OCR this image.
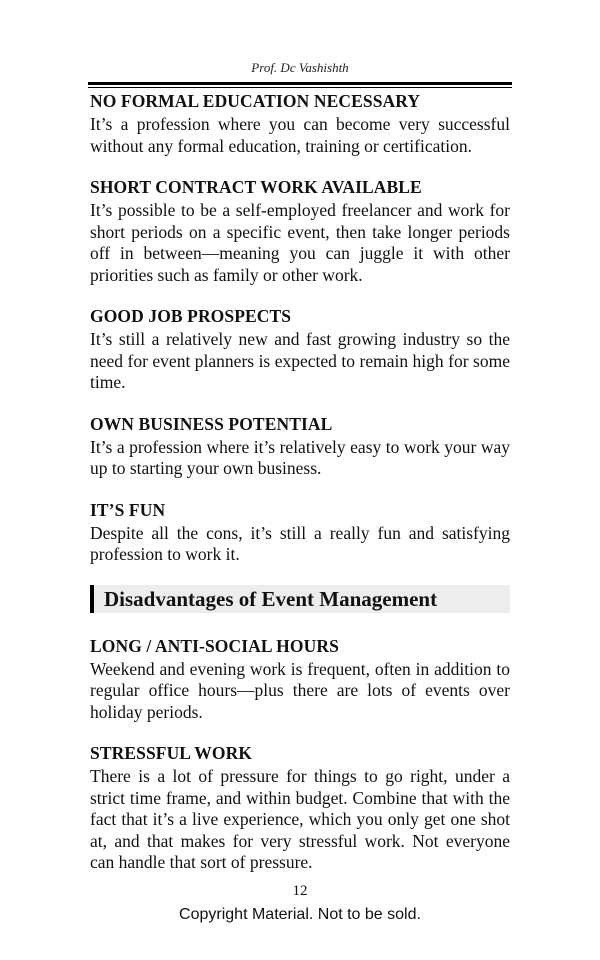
Prof. Dc Vashishth
NO FORMAL EDUCATION NECESSARY

It’s a profession where you can become very successful without any formal education, training or certification.

SHORT CONTRACT WORK AVAILABLE

It’s possible to be a self-employed freelancer and work for short periods on a specific event, then take longer periods off in between—meaning you can juggle it with other priorities such as family or other work.

GOOD JOB PROSPECTS

It’s still a relatively new and fast growing industry so the need for event planners is expected to remain high for some time.

OWN BUSINESS POTENTIAL

It’s a profession where it’s relatively easy to work your way up to starting your own business.

IT’S FUN

Despite all the cons, it’s still a really fun and satisfying profession to work it.

Disadvantages of Event Management
LONG / ANTI-SOCIAL HOURS

Weekend and evening work is frequent, often in addition to regular office hours—plus there are lots of events over holiday periods.

STRESSFUL WORK

There is a lot of pressure for things to go right, under a strict time frame, and within budget. Combine that with the fact that it’s a live experience, which you only get one shot at, and that makes for very stressful work. Not everyone can handle that sort of pressure.

12
Copyright Material. Not to be sold.
